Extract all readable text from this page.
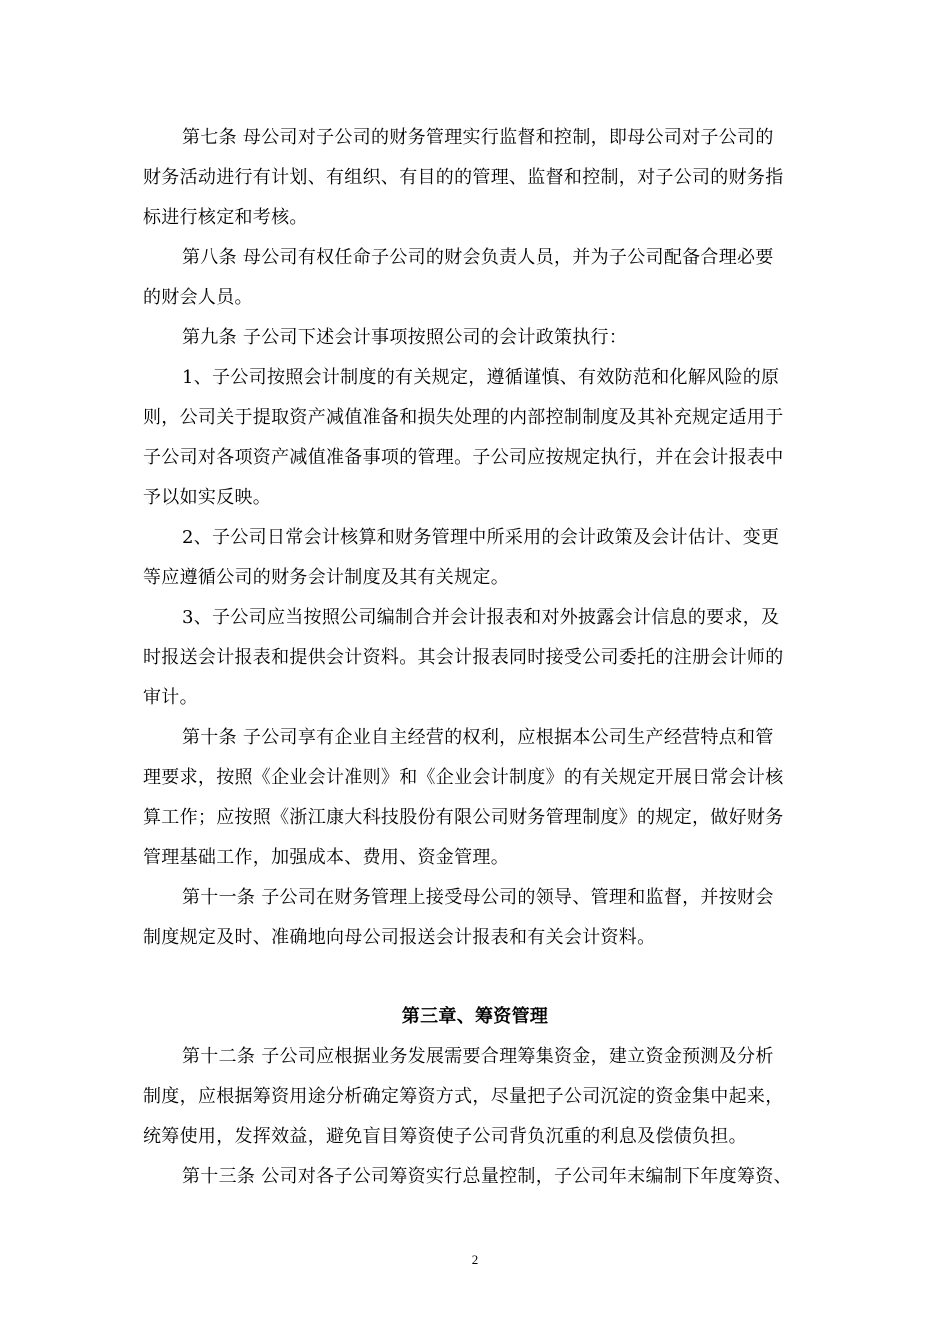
第七条 母公司对子公司的财务管理实行监督和控制，即母公司对子公司的
财务活动进行有计划、有组织、有目的的管理、监督和控制，对子公司的财务指
标进行核定和考核。
第八条 母公司有权任命子公司的财会负责人员，并为子公司配备合理必要
的财会人员。
第九条 子公司下述会计事项按照公司的会计政策执行：
1、子公司按照会计制度的有关规定，遵循谨慎、有效防范和化解风险的原
则，公司关于提取资产减值准备和损失处理的内部控制制度及其补充规定适用于
子公司对各项资产减值准备事项的管理。子公司应按规定执行，并在会计报表中
予以如实反映。
2、子公司日常会计核算和财务管理中所采用的会计政策及会计估计、变更
等应遵循公司的财务会计制度及其有关规定。
3、子公司应当按照公司编制合并会计报表和对外披露会计信息的要求，及
时报送会计报表和提供会计资料。其会计报表同时接受公司委托的注册会计师的
审计。
第十条 子公司享有企业自主经营的权利，应根据本公司生产经营特点和管
理要求，按照《企业会计准则》和《企业会计制度》的有关规定开展日常会计核
算工作；应按照《浙江康大科技股份有限公司财务管理制度》的规定，做好财务
管理基础工作，加强成本、费用、资金管理。
第十一条 子公司在财务管理上接受母公司的领导、管理和监督，并按财会
制度规定及时、准确地向母公司报送会计报表和有关会计资料。
第三章、筹资管理
第十二条 子公司应根据业务发展需要合理筹集资金，建立资金预测及分析
制度，应根据筹资用途分析确定筹资方式，尽量把子公司沉淀的资金集中起来，
统筹使用，发挥效益，避免盲目筹资使子公司背负沉重的利息及偿债负担。
第十三条 公司对各子公司筹资实行总量控制，子公司年末编制下年度筹资、
2
